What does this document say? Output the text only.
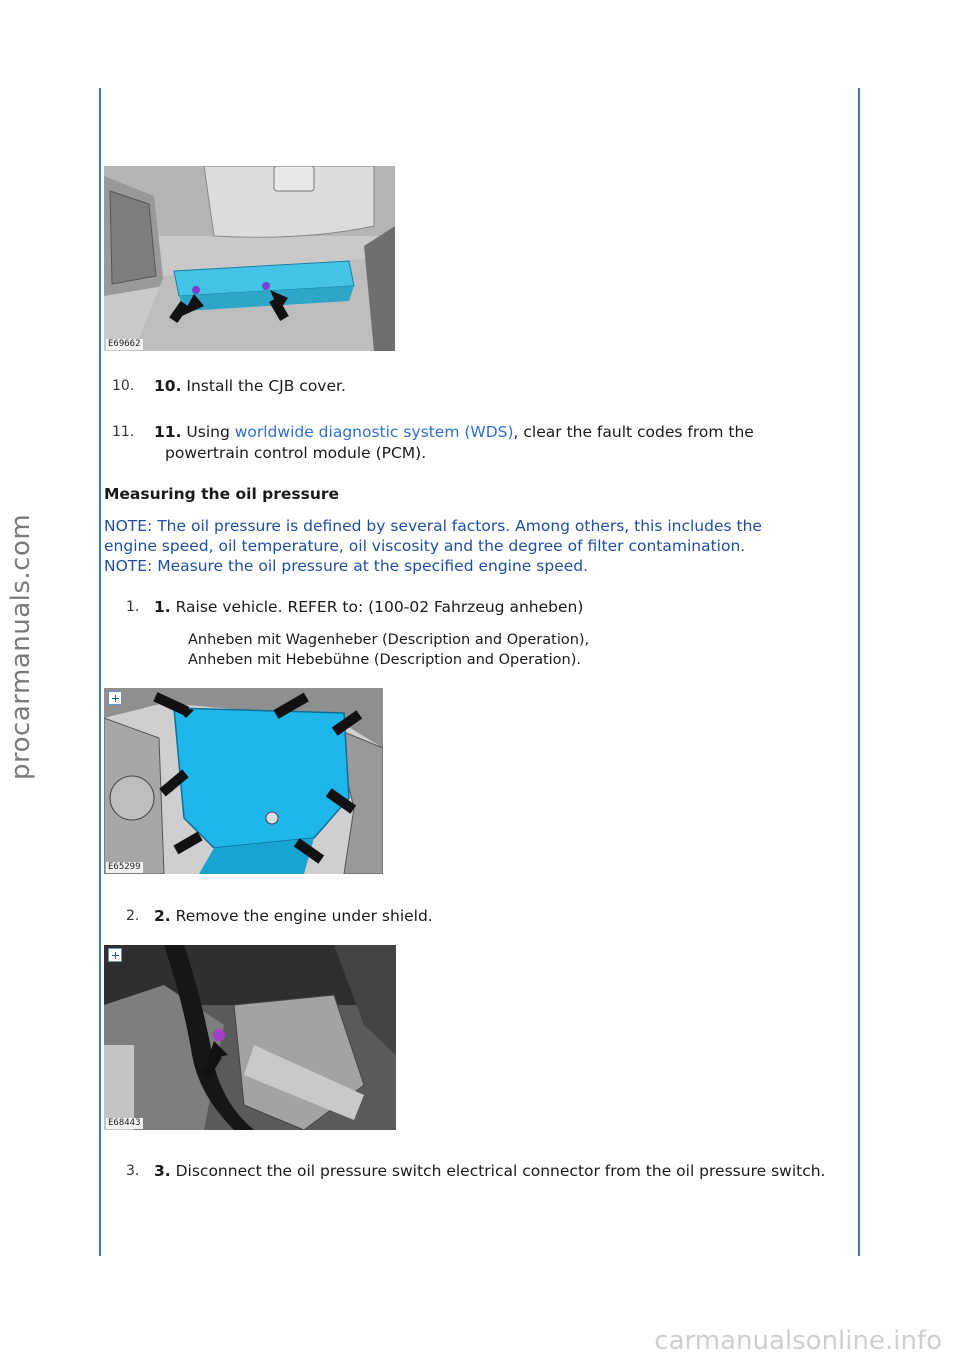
E69662
10. 10. Install the CJB cover.
11. 11. Using worldwide diagnostic system (WDS), clear the fault codes from the
powertrain control module (PCM).
Measuring the oil pressure
NOTE: The oil pressure is defined by several factors. Among others, this includes the
engine speed, oil temperature, oil viscosity and the degree of filter contamination.
NOTE: Measure the oil pressure at the specified engine speed.
1. 1. Raise vehicle. REFER to: (100-02 Fahrzeug anheben)
Anheben mit Wagenheber (Description and Operation),
Anheben mit Hebebühne (Description and Operation).
E65299
2. 2. Remove the engine under shield.
E68443
3. 3. Disconnect the oil pressure switch electrical connector from the oil pressure switch.
procarmanuals.com
carmanualsonline.info
